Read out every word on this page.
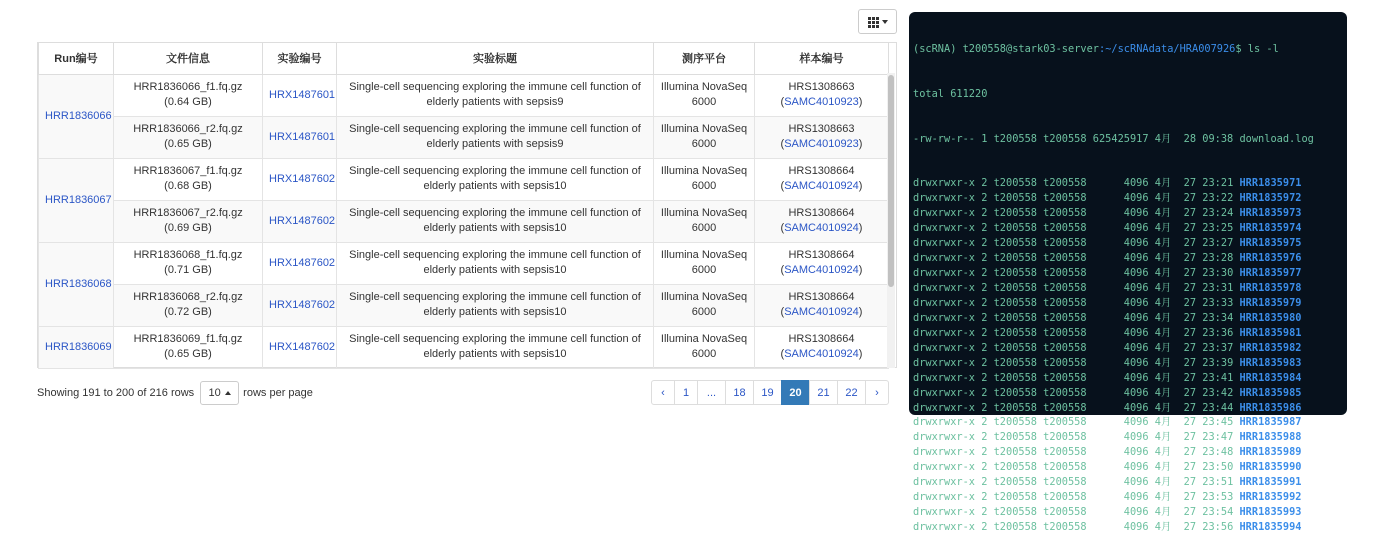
Run编号	文件信息	实验编号	实验标题	测序平台	样本编号
HRR1836066	HRR1836066_f1.fq.gz (0.64 GB)	HRX1487601	Single-cell sequencing exploring the immune cell function of elderly patients with sepsis9	Illumina NovaSeq 6000	HRS1308663
(SAMC4010923)
	HRR1836066_r2.fq.gz (0.65 GB)	HRX1487601	Single-cell sequencing exploring the immune cell function of elderly patients with sepsis9	Illumina NovaSeq 6000	HRS1308663
(SAMC4010923)
HRR1836067	HRR1836067_f1.fq.gz (0.68 GB)	HRX1487602	Single-cell sequencing exploring the immune cell function of elderly patients with sepsis10	Illumina NovaSeq 6000	HRS1308664
(SAMC4010924)
	HRR1836067_r2.fq.gz (0.69 GB)	HRX1487602	Single-cell sequencing exploring the immune cell function of elderly patients with sepsis10	Illumina NovaSeq 6000	HRS1308664
(SAMC4010924)
HRR1836068	HRR1836068_f1.fq.gz (0.71 GB)	HRX1487602	Single-cell sequencing exploring the immune cell function of elderly patients with sepsis10	Illumina NovaSeq 6000	HRS1308664
(SAMC4010924)
	HRR1836068_r2.fq.gz (0.72 GB)	HRX1487602	Single-cell sequencing exploring the immune cell function of elderly patients with sepsis10	Illumina NovaSeq 6000	HRS1308664
(SAMC4010924)
HRR1836069	HRR1836069_f1.fq.gz (0.65 GB)	HRX1487602	Single-cell sequencing exploring the immune cell function of elderly patients with sepsis10	Illumina NovaSeq 6000	HRS1308664
(SAMC4010924)
Showing 191 to 200 of 216 rows 10 rows per page	‹	1	...	18	19	20	21	22	›

(scRNA) t200558@stark03-server:~/scRNAdata/HRA007926$ ls -l

total 611220

-rw-rw-r-- 1 t200558 t200558 625425917 4月  28 09:38 download.log

drwxrwxr-x 2 t200558 t200558      4096 4月  27 23:21 HRR1835971
drwxrwxr-x 2 t200558 t200558      4096 4月  27 23:22 HRR1835972
drwxrwxr-x 2 t200558 t200558      4096 4月  27 23:24 HRR1835973
drwxrwxr-x 2 t200558 t200558      4096 4月  27 23:25 HRR1835974
drwxrwxr-x 2 t200558 t200558      4096 4月  27 23:27 HRR1835975
drwxrwxr-x 2 t200558 t200558      4096 4月  27 23:28 HRR1835976
drwxrwxr-x 2 t200558 t200558      4096 4月  27 23:30 HRR1835977
drwxrwxr-x 2 t200558 t200558      4096 4月  27 23:31 HRR1835978
drwxrwxr-x 2 t200558 t200558      4096 4月  27 23:33 HRR1835979
drwxrwxr-x 2 t200558 t200558      4096 4月  27 23:34 HRR1835980
drwxrwxr-x 2 t200558 t200558      4096 4月  27 23:36 HRR1835981
drwxrwxr-x 2 t200558 t200558      4096 4月  27 23:37 HRR1835982
drwxrwxr-x 2 t200558 t200558      4096 4月  27 23:39 HRR1835983
drwxrwxr-x 2 t200558 t200558      4096 4月  27 23:41 HRR1835984
drwxrwxr-x 2 t200558 t200558      4096 4月  27 23:42 HRR1835985
drwxrwxr-x 2 t200558 t200558      4096 4月  27 23:44 HRR1835986
drwxrwxr-x 2 t200558 t200558      4096 4月  27 23:45 HRR1835987
drwxrwxr-x 2 t200558 t200558      4096 4月  27 23:47 HRR1835988
drwxrwxr-x 2 t200558 t200558      4096 4月  27 23:48 HRR1835989
drwxrwxr-x 2 t200558 t200558      4096 4月  27 23:50 HRR1835990
drwxrwxr-x 2 t200558 t200558      4096 4月  27 23:51 HRR1835991
drwxrwxr-x 2 t200558 t200558      4096 4月  27 23:53 HRR1835992
drwxrwxr-x 2 t200558 t200558      4096 4月  27 23:54 HRR1835993
drwxrwxr-x 2 t200558 t200558      4096 4月  27 23:56 HRR1835994
